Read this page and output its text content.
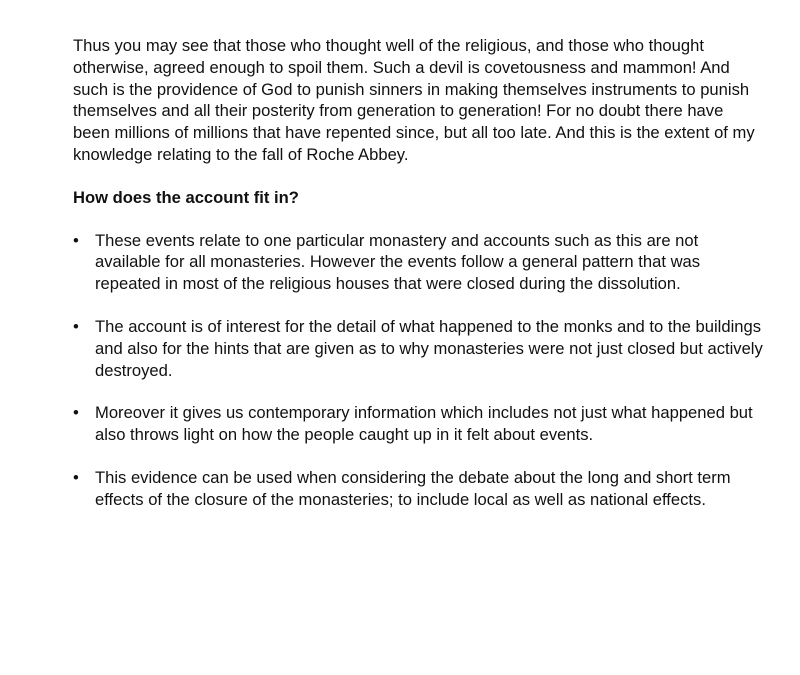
Thus you may see that those who thought well of the religious, and those who thought otherwise, agreed enough to spoil them. Such a devil is covetousness and mammon! And such is the providence of God to punish sinners in making themselves instruments to punish themselves and all their posterity from generation to generation! For no doubt there have been millions of millions that have repented since, but all too late. And this is the extent of my knowledge relating to the fall of Roche Abbey.

How does the account fit in?
• These events relate to one particular monastery and accounts such as this are not available for all monasteries. However the events follow a general pattern that was repeated in most of the religious houses that were closed during the dissolution.
• The account is of interest for the detail of what happened to the monks and to the buildings and also for the hints that are given as to why monasteries were not just closed but actively destroyed.
• Moreover it gives us contemporary information which includes not just what happened but also throws light on how the people caught up in it felt about events.
• This evidence can be used when considering the debate about the long and short term effects of the closure of the monasteries; to include local as well as national effects.
